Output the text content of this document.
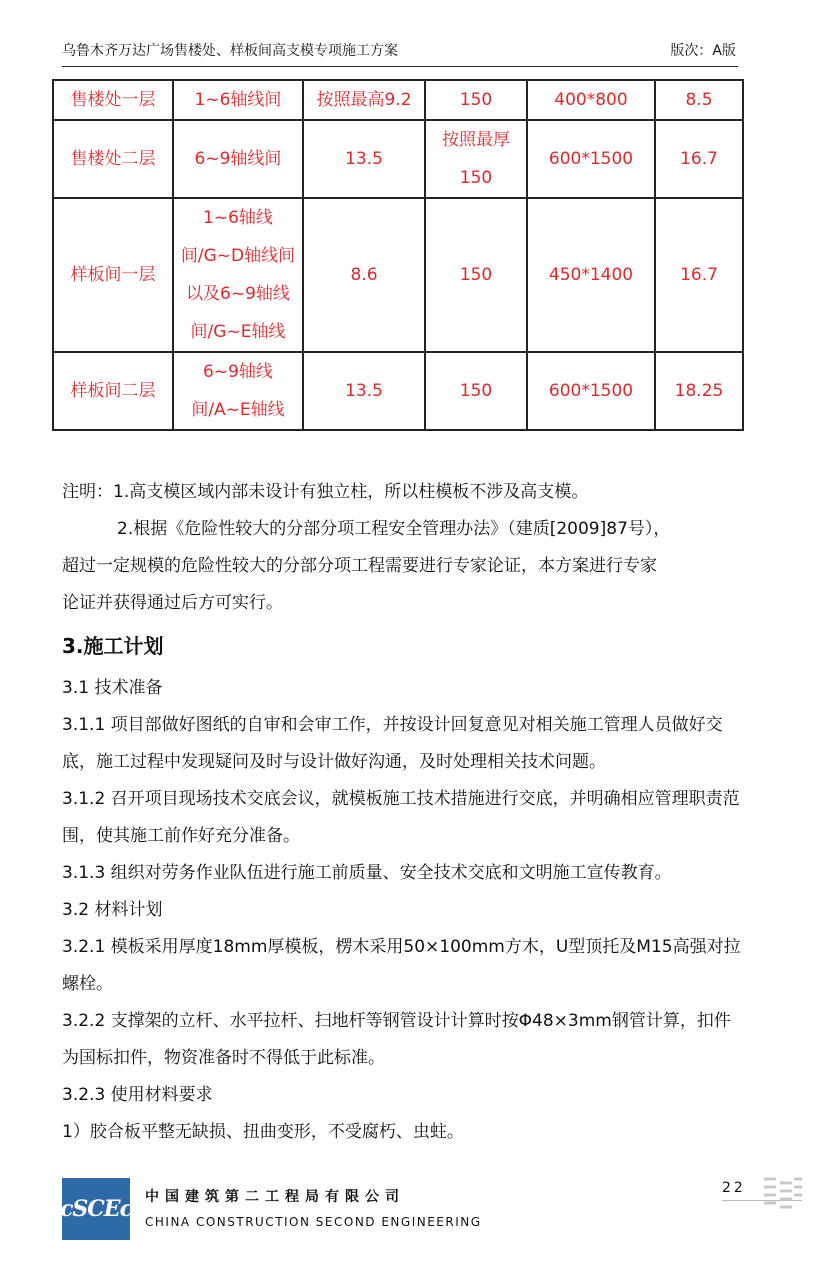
乌鲁木齐万达广场售楼处、样板间高支模专项施工方案	版次：A版
售楼处一层	1~6轴线间	按照最高9.2	150	400*800	8.5
售楼处二层	6~9轴线间	13.5	按照最厚150	600*1500	16.7
样板间一层	1~6轴线间/G~D轴线间以及6~9轴线间/G~E轴线	8.6	150	450*1400	16.7
样板间二层	6~9轴线间/A~E轴线	13.5	150	600*1500	18.25

注明：1.高支模区域内部未设计有独立柱，所以柱模板不涉及高支模。

2.根据《危险性较大的分部分项工程安全管理办法》（建质[2009]87号），

超过一定规模的危险性较大的分部分项工程需要进行专家论证，本方案进行专家

论证并获得通过后方可实行。

3.施工计划

3.1 技术准备

3.1.1 项目部做好图纸的自审和会审工作，并按设计回复意见对相关施工管理人员做好交底，施工过程中发现疑问及时与设计做好沟通，及时处理相关技术问题。

3.1.2 召开项目现场技术交底会议，就模板施工技术措施进行交底，并明确相应管理职责范围，使其施工前作好充分准备。

3.1.3 组织对劳务作业队伍进行施工前质量、安全技术交底和文明施工宣传教育。

3.2 材料计划

3.2.1 模板采用厚度18mm厚模板，楞木采用50×100mm方木，U型顶托及M15高强对拉螺栓。

3.2.2 支撑架的立杆、水平拉杆、扫地杆等钢管设计计算时按Φ48×3mm钢管计算，扣件为国标扣件，物资准备时不得低于此标准。

3.2.3 使用材料要求

1）胶合板平整无缺损、扭曲变形，不受腐朽、虫蛀。

cSCEc 中国建筑第二工程局有限公司
CHINA CONSTRUCTION SECOND ENGINEERING
22
